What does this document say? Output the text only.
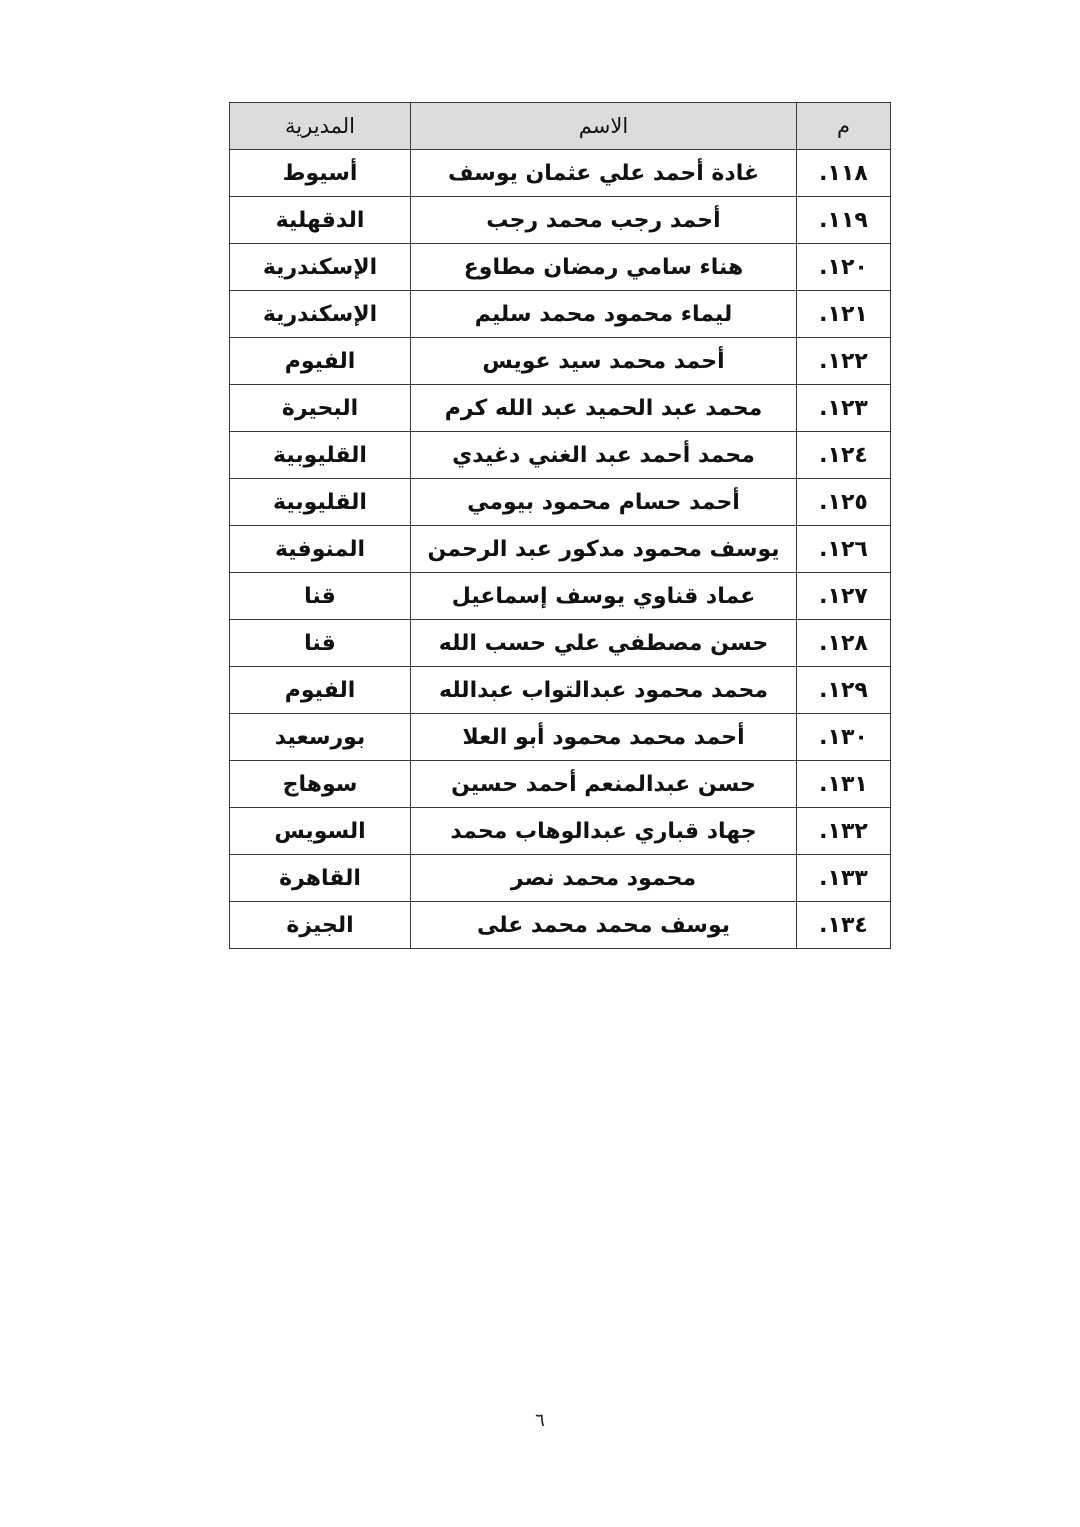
م	الاسم	المديرية
١١٨.	غادة أحمد علي عثمان يوسف	أسيوط
١١٩.	أحمد رجب محمد رجب	الدقهلية
١٢٠.	هناء سامي رمضان مطاوع	الإسكندرية
١٢١.	ليماء محمود محمد سليم	الإسكندرية
١٢٢.	أحمد محمد سيد عويس	الفيوم
١٢٣.	محمد عبد الحميد عبد الله كرم	البحيرة
١٢٤.	محمد أحمد عبد الغني دغيدي	القليوبية
١٢٥.	أحمد حسام محمود بيومي	القليوبية
١٢٦.	يوسف محمود مدكور عبد الرحمن	المنوفية
١٢٧.	عماد قناوي يوسف إسماعيل	قنا
١٢٨.	حسن مصطفي علي حسب الله	قنا
١٢٩.	محمد محمود عبدالتواب عبدالله	الفيوم
١٣٠.	أحمد محمد محمود أبو العلا	بورسعيد
١٣١.	حسن عبدالمنعم أحمد حسين	سوهاج
١٣٢.	جهاد قباري عبدالوهاب محمد	السويس
١٣٣.	محمود محمد نصر	القاهرة
١٣٤.	يوسف محمد محمد على	الجيزة
٦
